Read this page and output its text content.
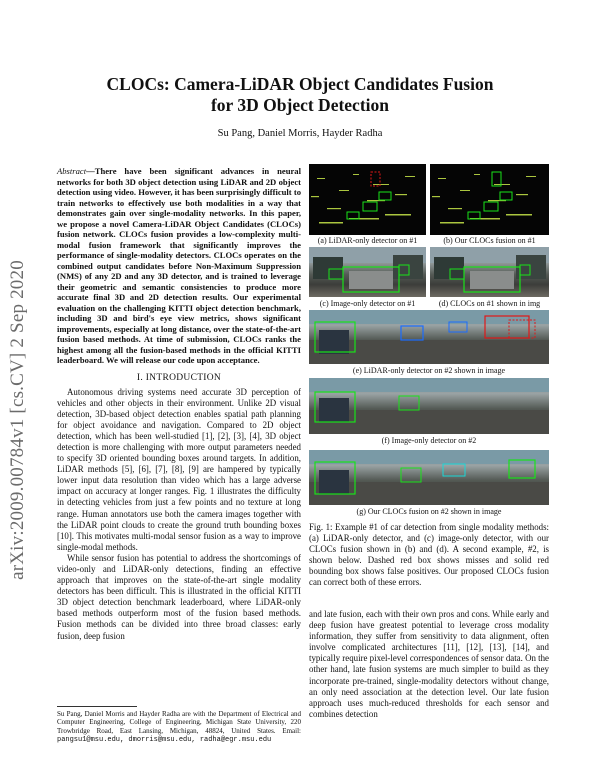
arXiv:2009.00784v1 [cs.CV] 2 Sep 2020
CLOCs: Camera-LiDAR Object Candidates Fusion
for 3D Object Detection
Su Pang, Daniel Morris, Hayder Radha

Abstract—There have been significant advances in neural networks for both 3D object detection using LiDAR and 2D object detection using video. However, it has been surprisingly difficult to train networks to effectively use both modalities in a way that demonstrates gain over single-modality networks. In this paper, we propose a novel Camera-LiDAR Object Candidates (CLOCs) fusion network. CLOCs fusion provides a low-complexity multi-modal fusion framework that significantly improves the performance of single-modality detectors. CLOCs operates on the combined output candidates before Non-Maximum Suppression (NMS) of any 2D and any 3D detector, and is trained to leverage their geometric and semantic consistencies to produce more accurate final 3D and 2D detection results. Our experimental evaluation on the challenging KITTI object detection benchmark, including 3D and bird's eye view metrics, shows significant improvements, especially at long distance, over the state-of-the-art fusion based methods. At time of submission, CLOCs ranks the highest among all the fusion-based methods in the official KITTI leaderboard. We will release our code upon acceptance.

I. INTRODUCTION

Autonomous driving systems need accurate 3D perception of vehicles and other objects in their environment. Unlike 2D visual detection, 3D-based object detection enables spatial path planning for object avoidance and navigation. Compared to 2D object detection, which has been well-studied [1], [2], [3], [4], 3D object detection is more challenging with more output parameters needed to specify 3D oriented bounding boxes around targets. In addition, LiDAR methods [5], [6], [7], [8], [9] are hampered by typically lower input data resolution than video which has a large adverse impact on accuracy at longer ranges. Fig. 1 illustrates the difficulty in detecting vehicles from just a few points and no texture at long range. Human annotators use both the camera images together with the LiDAR point clouds to create the ground truth bounding boxes [10]. This motivates multi-modal sensor fusion as a way to improve single-modal methods.

While sensor fusion has potential to address the shortcomings of video-only and LiDAR-only detections, finding an effective approach that improves on the state-of-the-art single modality detectors has been difficult. This is illustrated in the official KITTI 3D object detection benchmark leaderboard, where LiDAR-only based methods outperform most of the fusion based methods. Fusion methods can be divided into three broad classes: early fusion, deep fusion

Su Pang, Daniel Morris and Hayder Radha are with the Department of Electrical and Computer Engineering, College of Engineering, Michigan State University, 220 Trowbridge Road, East Lansing, Michigan, 48824, United States. Email: pangsu1@msu.edu, dmorris@msu.edu, radha@egr.msu.edu
(a) LiDAR-only detector on #1	(b) Our CLOCs fusion on #1
(c) Image-only detector on #1	(d) CLOCs on #1 shown in img
(e) LiDAR-only detector on #2 shown in image
(f) Image-only detector on #2
(g) Our CLOCs fusion on #2 shown in image
Fig. 1: Example #1 of car detection from single modality methods: (a) LiDAR-only detector, and (c) image-only detector, with our CLOCs fusion shown in (b) and (d). A second example, #2, is shown below. Dashed red box shows misses and solid red bounding box shows false positives. Our proposed CLOCs fusion can correct both of these errors.

and late fusion, each with their own pros and cons. While early and deep fusion have greatest potential to leverage cross modality information, they suffer from sensitivity to data alignment, often involve complicated architectures [11], [12], [13], [14], and typically require pixel-level correspondences of sensor data. On the other hand, late fusion systems are much simpler to build as they incorporate pre-trained, single-modality detectors without change, an only need association at the detection level. Our late fusion approach uses much-reduced thresholds for each sensor and combines detection
